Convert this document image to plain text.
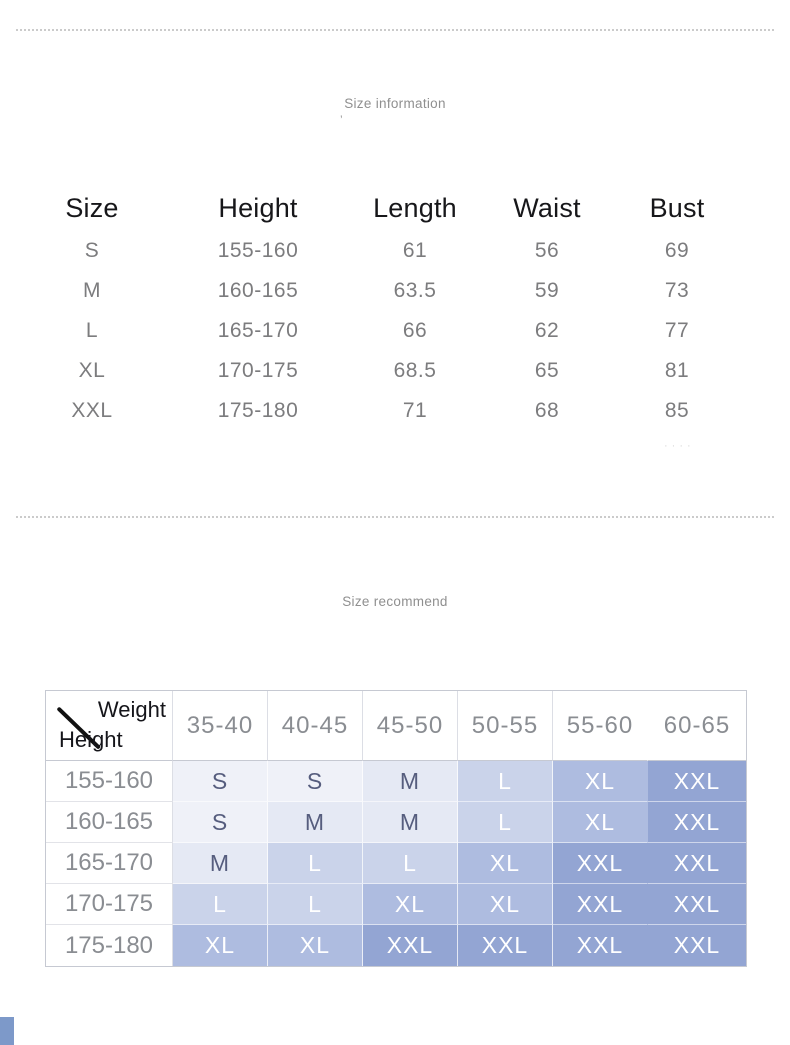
Size information
’
Size	Height	Length	Waist	Bust
S	155-160	61	56	69
M	160-165	63.5	59	73
L	165-170	66	62	77
XL	170-175	68.5	65	81
XXL	175-180	71	68	85
····
Size recommend
Weight
Height	35-40	40-45	45-50	50-55	55-60	60-65
155-160	S	S	M	L	XL	XXL
160-165	S	M	M	L	XL	XXL
165-170	M	L	L	XL	XXL	XXL
170-175	L	L	XL	XL	XXL	XXL
175-180	XL	XL	XXL	XXL	XXL	XXL
